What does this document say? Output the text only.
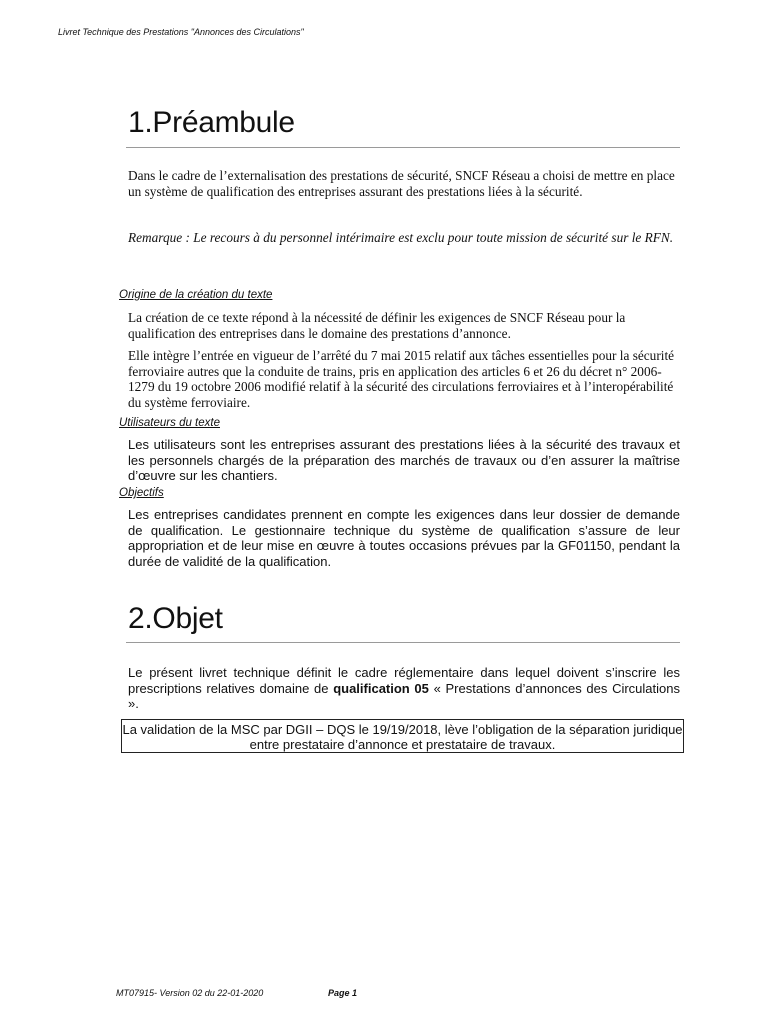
Livret Technique des Prestations "Annonces des Circulations"
1.Préambule

Dans le cadre de l’externalisation des prestations de sécurité, SNCF Réseau a choisi de mettre en place un système de qualification des entreprises assurant des prestations liées à la sécurité.

Remarque : Le recours à du personnel intérimaire est exclu pour toute mission de sécurité sur le RFN.

Origine de la création du texte

La création de ce texte répond à la nécessité de définir les exigences de SNCF Réseau pour la qualification des entreprises dans le domaine des prestations d’annonce.

Elle intègre l’entrée en vigueur de l’arrêté du 7 mai 2015 relatif aux tâches essentielles pour la sécurité ferroviaire autres que la conduite de trains, pris en application des articles 6 et 26 du décret n° 2006-1279 du 19 octobre 2006 modifié relatif à la sécurité des circulations ferroviaires et à l’interopérabilité du système ferroviaire.

Utilisateurs du texte

Les utilisateurs sont les entreprises assurant des prestations liées à la sécurité des travaux et les personnels chargés de la préparation des marchés de travaux ou d’en assurer la maîtrise d’œuvre sur les chantiers.

Objectifs

Les entreprises candidates prennent en compte les exigences dans leur dossier de demande de qualification. Le gestionnaire technique du système de qualification s’assure de leur appropriation et de leur mise en œuvre à toutes occasions prévues par la GF01150, pendant la durée de validité de la qualification.

2.Objet

Le présent livret technique définit le cadre réglementaire dans lequel doivent s’inscrire les prescriptions relatives domaine de qualification 05 « Prestations d’annonces des Circulations ».

La validation de la MSC par DGII – DQS le 19/19/2018, lève l’obligation de la séparation juridique entre prestataire d’annonce et prestataire de travaux.
MT07915- Version 02 du 22-01-2020	Page 1
